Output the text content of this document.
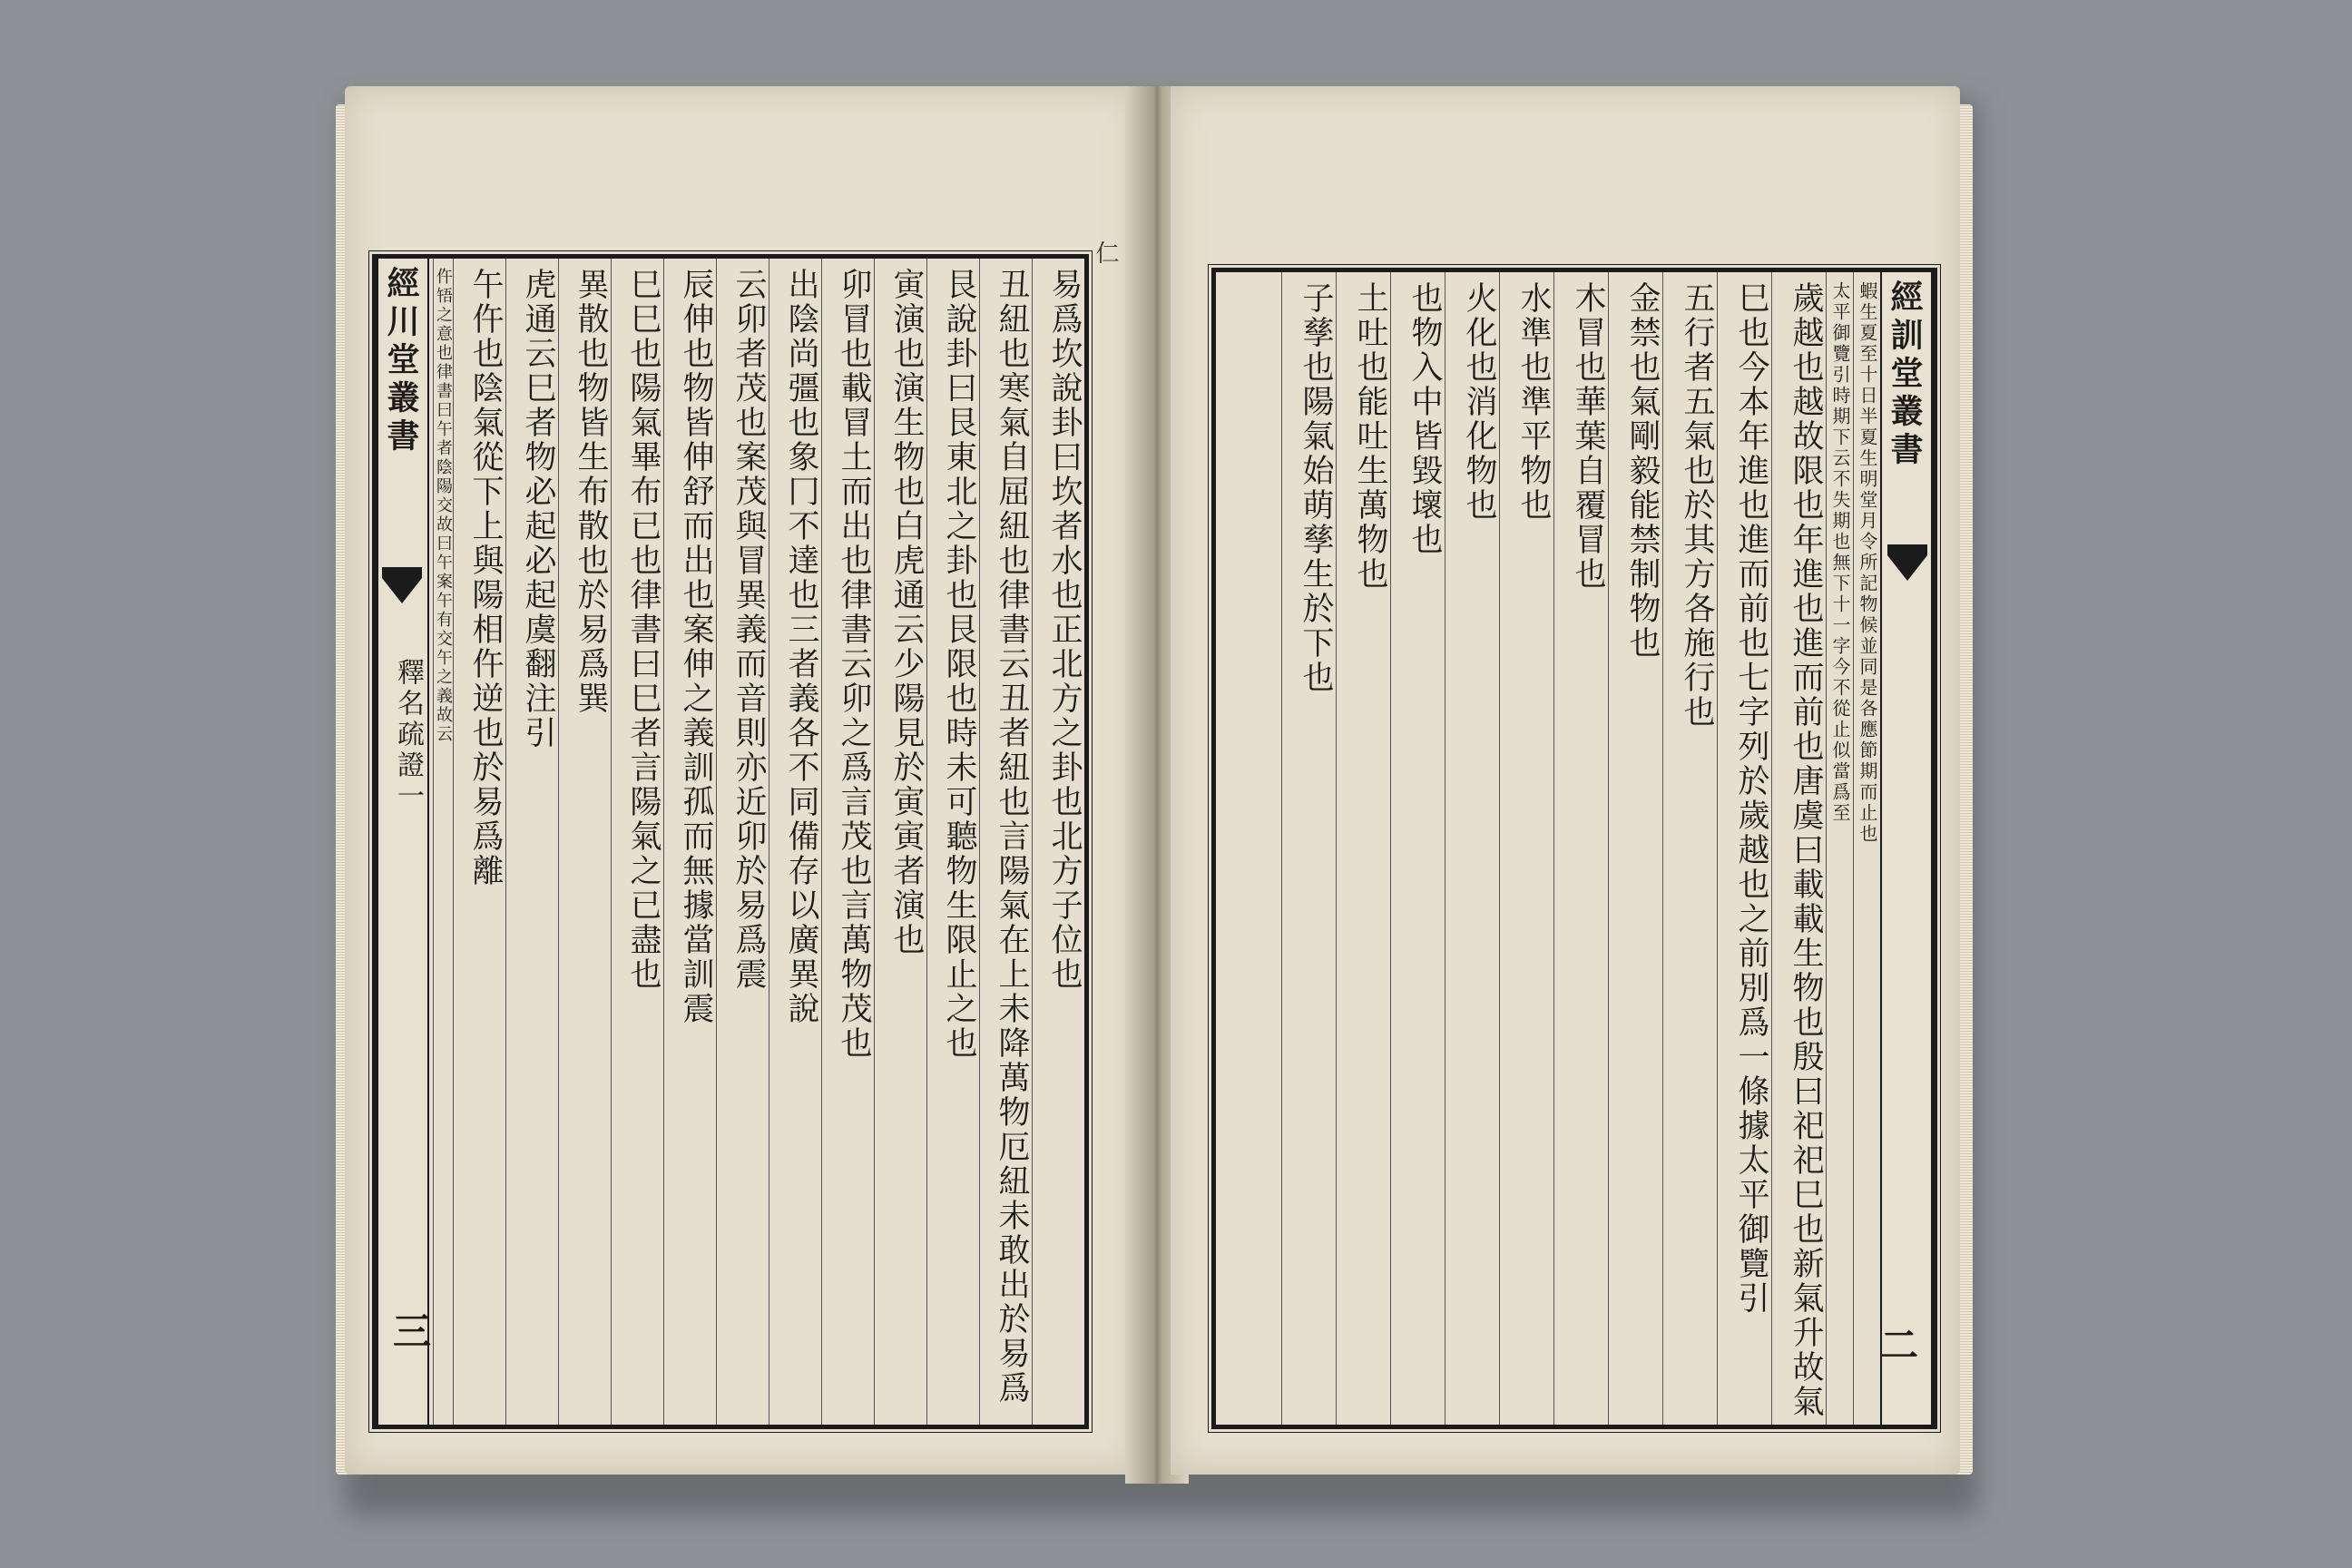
易爲坎說卦曰坎者水也正北方之卦也北方子位也
丑紐也寒氣自屈紐也律書云丑者紐也言陽氣在上未降萬物厄紐未敢出於易爲
艮說卦曰艮東北之卦也艮限也時未可聽物生限止之也
寅演也演生物也白虎通云少陽見於寅寅者演也
卯冒也載冒土而出也律書云卯之爲言茂也言萬物茂也
出陰尚彊也象冂不達也三者義各不同備存以廣異說
云卯者茂也案茂與冒異義而音則亦近卯於易爲震
辰伸也物皆伸舒而出也案伸之義訓孤而無據當訓震
巳巳也陽氣畢布已也律書曰巳者言陽氣之已盡也
異散也物皆生布散也於易爲巽
虎通云巳者物必起必起虞翻注引
午仵也陰氣從下上與陽相仵逆也於易爲離
仵啎之意也律書曰午者陰陽交故曰午案午有交午之義故云
經川堂叢書
釋名疏證一
三
仁
經訓堂叢書
二
蝦生夏至十日半夏生明堂月令所記物候並同是各應節期而止也
太平御覽引時期下云不失期也無下十一字今不從止似當爲至
歲越也越故限也年進也進而前也唐虞曰載載生物也殷曰祀祀巳也新氣升故氣
巳也今本年進也進而前也七字列於歲越也之前別爲一條據太平御覽引
五行者五氣也於其方各施行也
金禁也氣剛毅能禁制物也
木冒也華葉自覆冒也
水準也準平物也
火化也消化物也
也物入中皆毀壞也
土吐也能吐生萬物也
子孳也陽氣始萌孳生於下也
